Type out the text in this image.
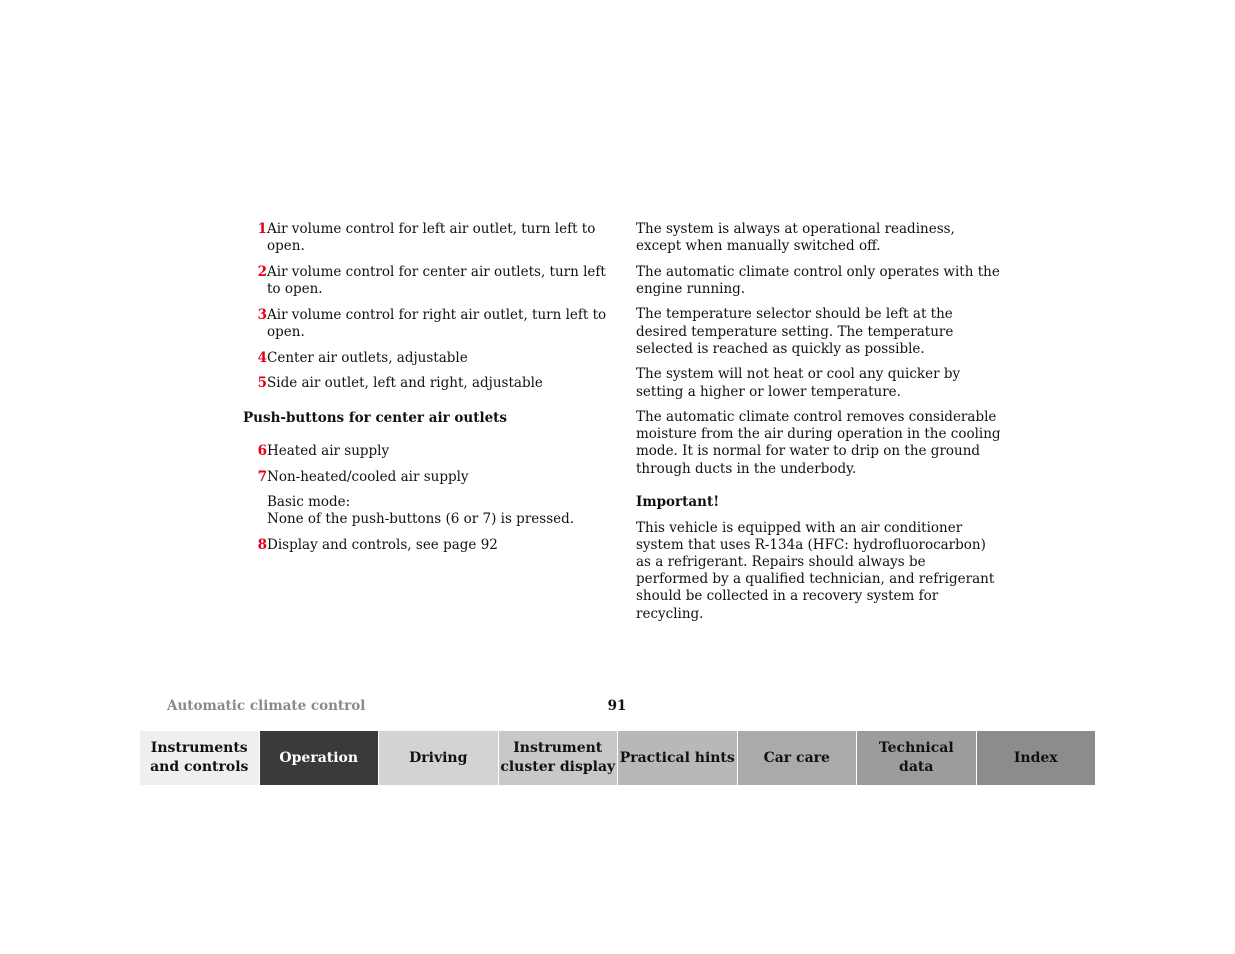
1 Air volume control for left air outlet, turn left to open.
2 Air volume control for center air outlets, turn left to open.
3 Air volume control for right air outlet, turn left to open.
4 Center air outlets, adjustable
5 Side air outlet, left and right, adjustable
Push-buttons for center air outlets
6 Heated air supply
7 Non-heated/cooled air supply
Basic mode:
None of the push-buttons (6 or 7) is pressed.
8 Display and controls, see page 92

The system is always at operational readiness, except when manually switched off.

The automatic climate control only operates with the engine running.

The temperature selector should be left at the desired temperature setting. The temperature selected is reached as quickly as possible.

The system will not heat or cool any quicker by setting a higher or lower temperature.

The automatic climate control removes considerable moisture from the air during operation in the cooling mode. It is normal for water to drip on the ground through ducts in the underbody.

Important!

This vehicle is equipped with an air conditioner system that uses R-134a (HFC: hydrofluorocarbon) as a refrigerant. Repairs should always be performed by a qualified technician, and refrigerant should be collected in a recovery system for recycling.

Automatic climate control	91
Instruments
and controls
Operation	Driving
Instrument
cluster display
Practical hints Car care
Technical
data
Index
